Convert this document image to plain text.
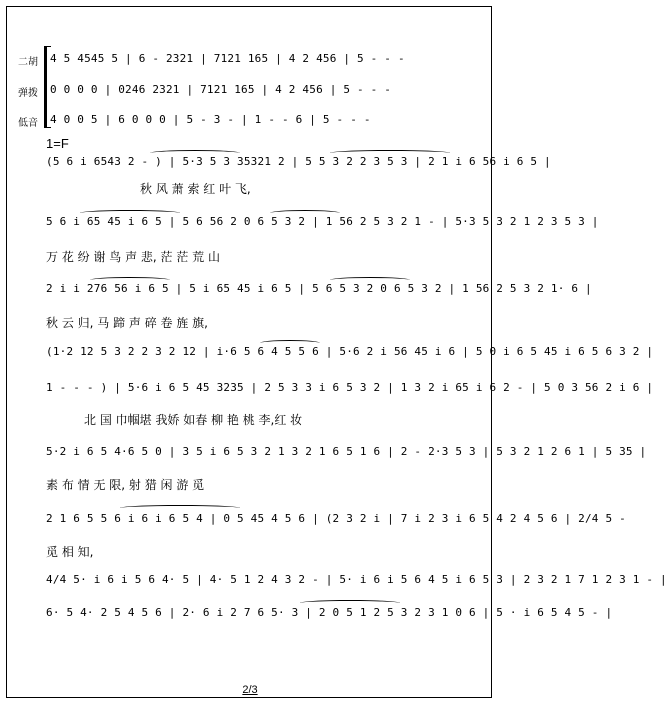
二胡	4 5 4545 5 | 6 - 2321 | 7121 165 | 4 2 456 | 5 - - -
弹拨	0 0 0 0 | 0246 2321 | 7121 165 | 4 2 456 | 5 - - -
低音	4 0 0 5 | 6 0 0 0 | 5 - 3 - | 1 - - 6 | 5 - - -
1=F
(5 6 i 6543 2 - ) | 5·3 5 3 35321 2 | 5 5 3 2 2 3 5 3 | 2 1 i 6 56 i 6 5 |
秋 风 萧 索 红 叶 飞,
5 6 i 65 45 i 6 5 | 5 6 56 2 0 6 5 3 2 | 1 56 2 5 3 2 1 - | 5·3 5 3 2 1 2 3 5 3 |
万 花 纷 谢 鸟 声 悲, 茫 茫 荒 山
2 i i 276 56 i 6 5 | 5 i 65 45 i 6 5 | 5 6 5 3 2 0 6 5 3 2 | 1 56 2 5 3 2 1· 6 |
秋 云 归, 马 蹄 声 碎 卷 旌 旗,
(1·2 12 5 3 2 2 3 2 12 | i·6 5 6 4 5 5 6 | 5·6 2 i 56 45 i 6 | 5 0 i 6 5 45 i 6 5 6 3 2 |
1 - - - ) | 5·6 i 6 5 45 3235 | 2 5 3 3 i 6 5 3 2 | 1 3 2 i 65 i 6 2 - | 5 0 3 56 2 i 6 |
北 国 巾帼堪 我娇 如春 柳 艳 桃 李,红 妆
5·2 i 6 5 4·6 5 0 | 3 5 i 6 5 3 2 1 3 2 1 6 5 1 6 | 2 - 2·3 5 3 | 5 3 2 1 2 6 1 | 5 35 |
素 布 情 无 限, 射 猎 闲 游 觅
2 1 6 5 5 6 i 6 i 6 5 4 | 0 5 45 4 5 6 | (2 3 2 i | 7 i 2 3 i 6 5 4 2 4 5 6 | 2/4 5 -
觅 相 知,
4/4 5· i 6 i 5 6 4· 5 | 4· 5 1 2 4 3 2 - | 5· i 6 i 5 6 4 5 i 6 5 3 | 2 3 2 1 7 1 2 3 1 - |
6· 5 4· 2 5 4 5 6 | 2· 6 i 2 7 6 5· 3 | 2 0 5 1 2 5 3 2 3 1 0 6 | 5 · i 6 5 4 5 - |
2/3
